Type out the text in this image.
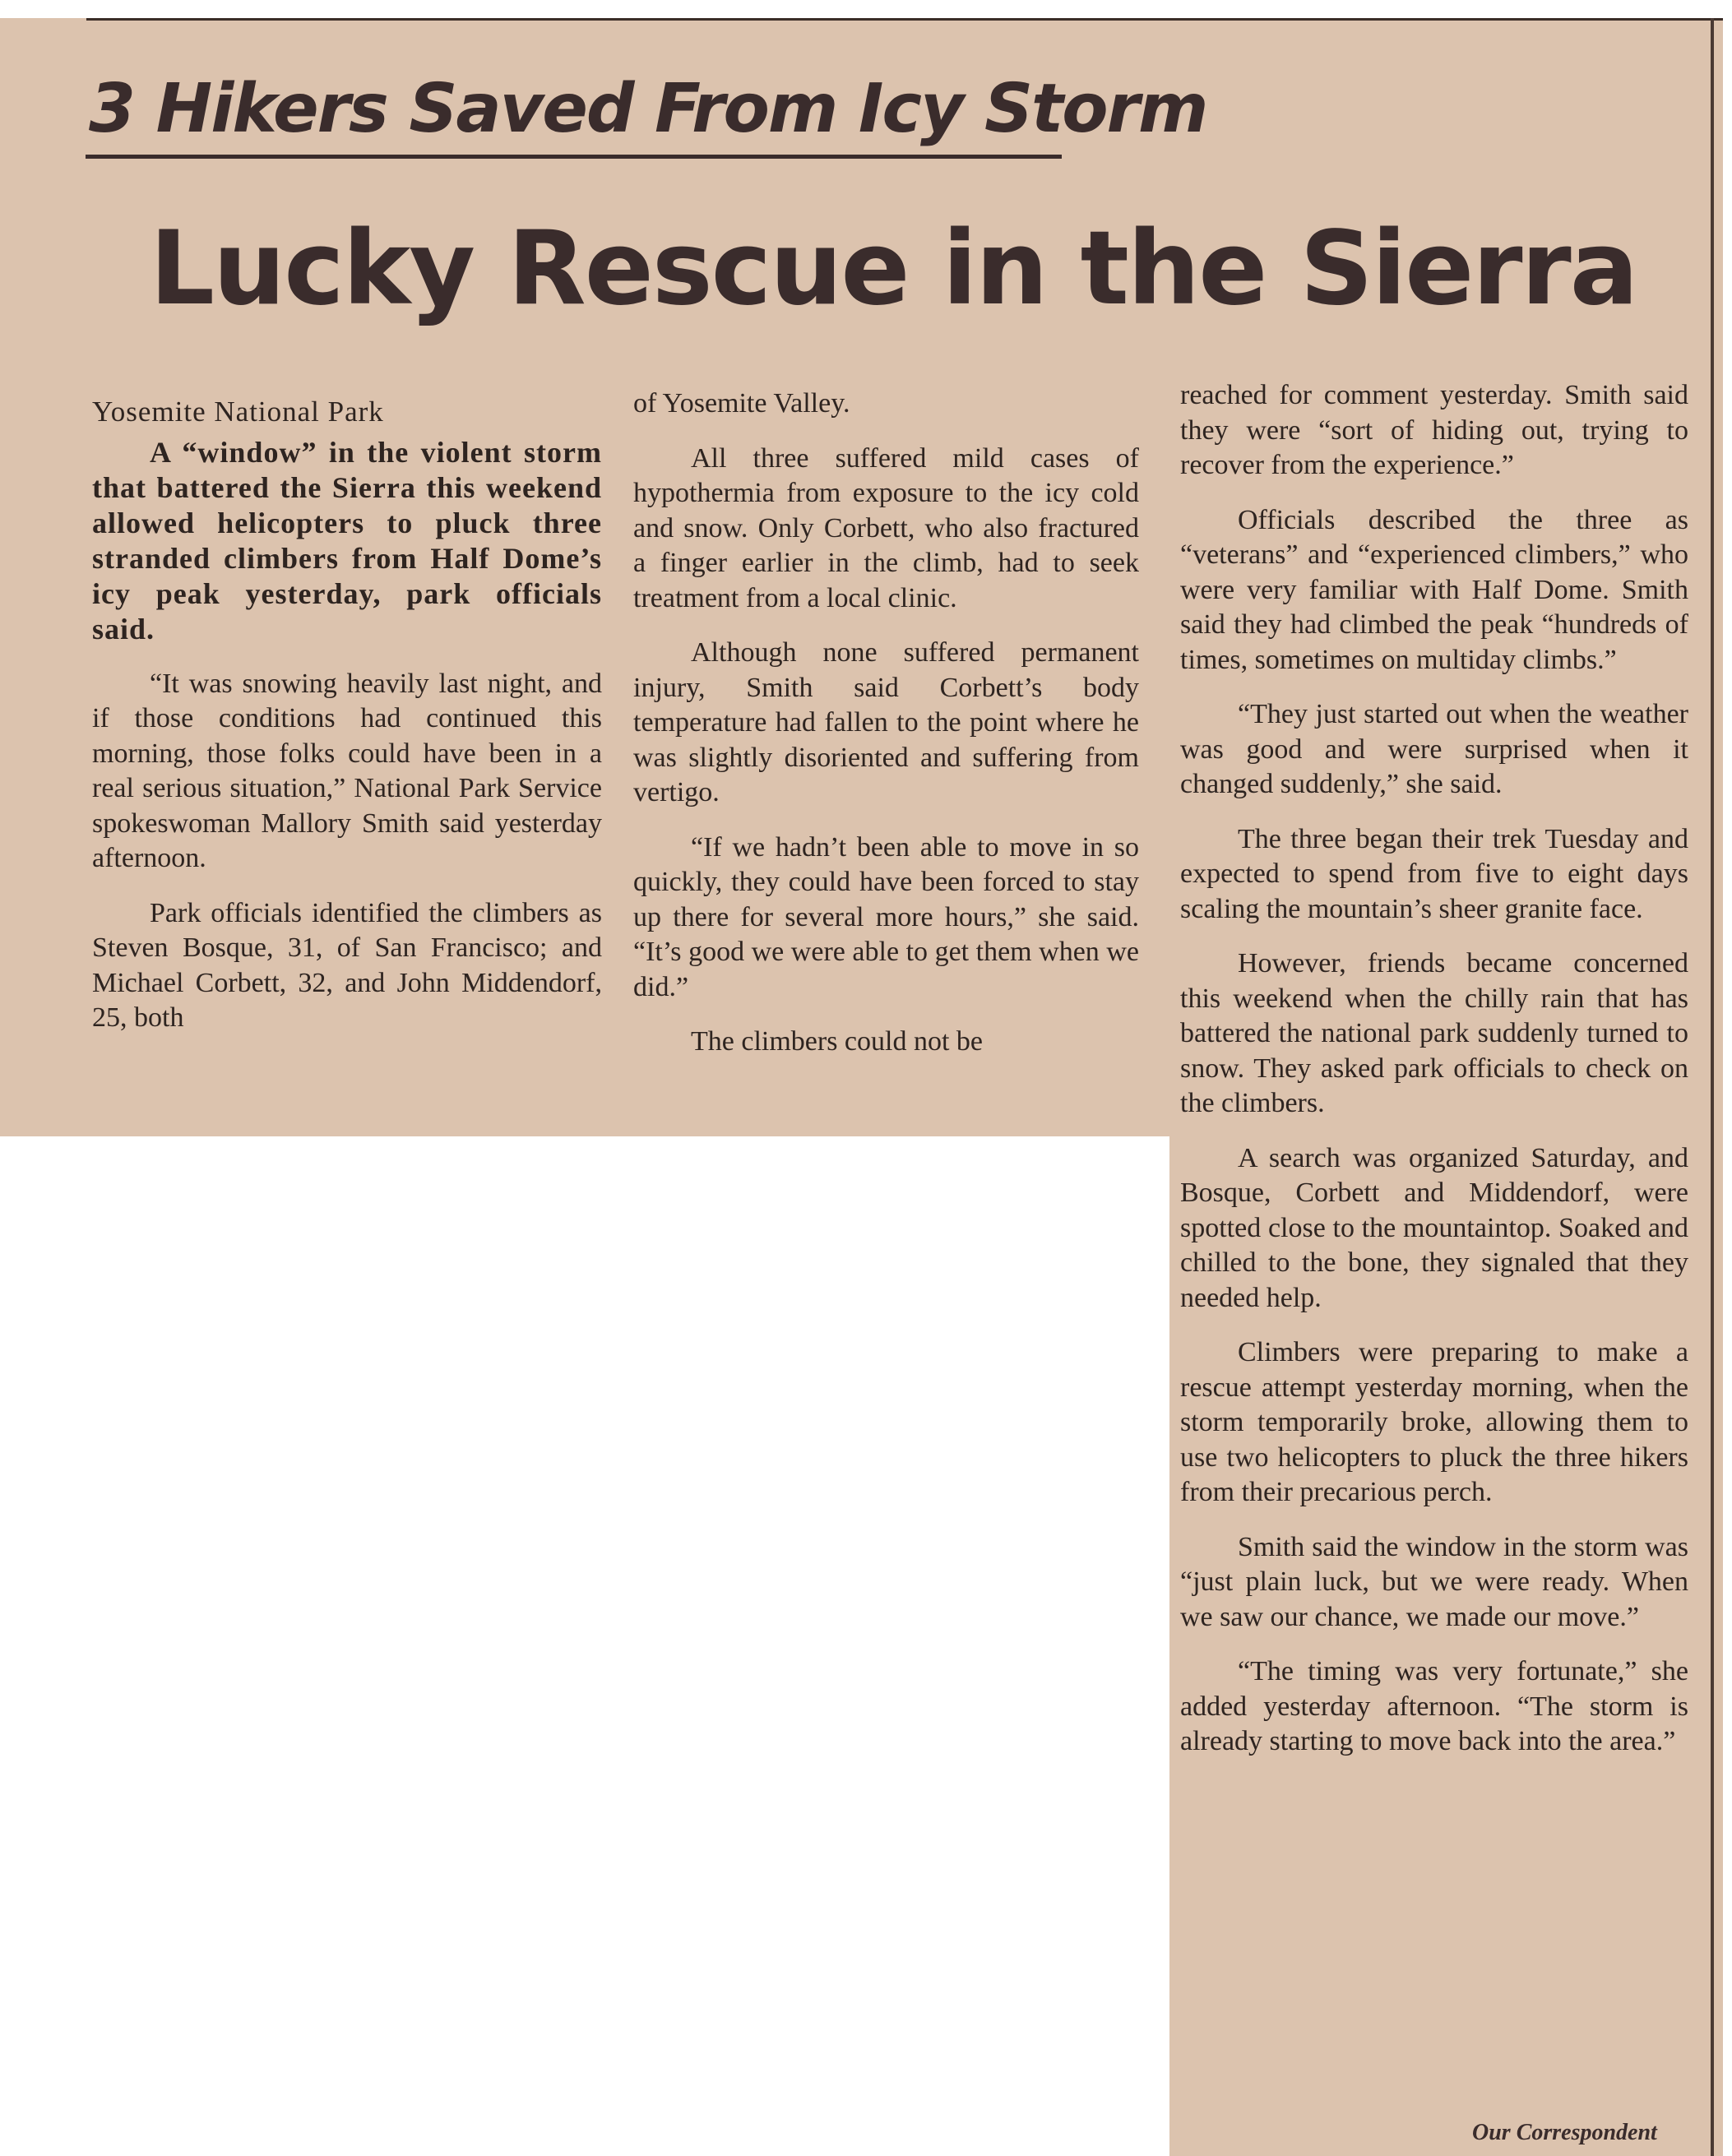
3 Hikers Saved From Icy Storm
Lucky Rescue in the Sierra

Yosemite National Park

A “window” in the violent storm that battered the Sierra this weekend allowed helicopters to pluck three stranded climbers from Half Dome’s icy peak yesterday, park officials said.

“It was snowing heavily last night, and if those conditions had continued this morning, those folks could have been in a real serious situation,” National Park Service spokeswoman Mallory Smith said yesterday afternoon.

Park officials identified the climbers as Steven Bosque, 31, of San Francisco; and Michael Corbett, 32, and John Middendorf, 25, both

of Yosemite Valley.

All three suffered mild cases of hypothermia from exposure to the icy cold and snow. Only Corbett, who also fractured a finger earlier in the climb, had to seek treatment from a local clinic.

Although none suffered permanent injury, Smith said Corbett’s body temperature had fallen to the point where he was slightly disoriented and suffering from vertigo.

“If we hadn’t been able to move in so quickly, they could have been forced to stay up there for several more hours,” she said. “It’s good we were able to get them when we did.”

The climbers could not be

reached for comment yesterday. Smith said they were “sort of hiding out, trying to recover from the experience.”

Officials described the three as “veterans” and “experienced climbers,” who were very familiar with Half Dome. Smith said they had climbed the peak “hundreds of times, sometimes on multiday climbs.”

“They just started out when the weather was good and were surprised when it changed suddenly,” she said.

The three began their trek Tuesday and expected to spend from five to eight days scaling the mountain’s sheer granite face.

However, friends became concerned this weekend when the chilly rain that has battered the national park suddenly turned to snow. They asked park officials to check on the climbers.

A search was organized Saturday, and Bosque, Corbett and Middendorf, were spotted close to the mountaintop. Soaked and chilled to the bone, they signaled that they needed help.

Climbers were preparing to make a rescue attempt yesterday morning, when the storm temporarily broke, allowing them to use two helicopters to pluck the three hikers from their precarious perch.

Smith said the window in the storm was “just plain luck, but we were ready. When we saw our chance, we made our move.”

“The timing was very fortunate,” she added yesterday afternoon. “The storm is already starting to move back into the area.”

Our Correspondent
